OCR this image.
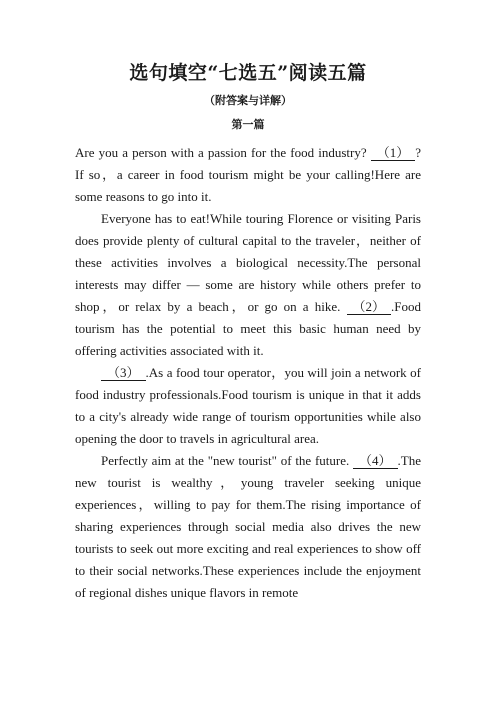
选句填空“七选五”阅读五篇
（附答案与详解）
第一篇

Are you a person with a passion for the food industry? （1） ? If so，a career in food tourism might be your calling!Here are some reasons to go into it.

Everyone has to eat!While touring Florence or visiting Paris does provide plenty of cultural capital to the traveler，neither of these activities involves a biological necessity.The personal interests may differ — some are history while others prefer to shop，or relax by a beach，or go on a hike. （2） .Food tourism has the potential to meet this basic human need by offering activities associated with it.

（3） .As a food tour operator，you will join a network of food industry professionals.Food tourism is unique in that it adds to a city's already wide range of tourism opportunities while also opening the door to travels in agricultural area.

Perfectly aim at the "new tourist" of the future. （4） .The new tourist is wealthy，young traveler seeking unique experiences，willing to pay for them.The rising importance of sharing experiences through social media also drives the new tourists to seek out more exciting and real experiences to show off to their social networks.These experiences include the enjoyment of regional dishes unique flavors in remote
